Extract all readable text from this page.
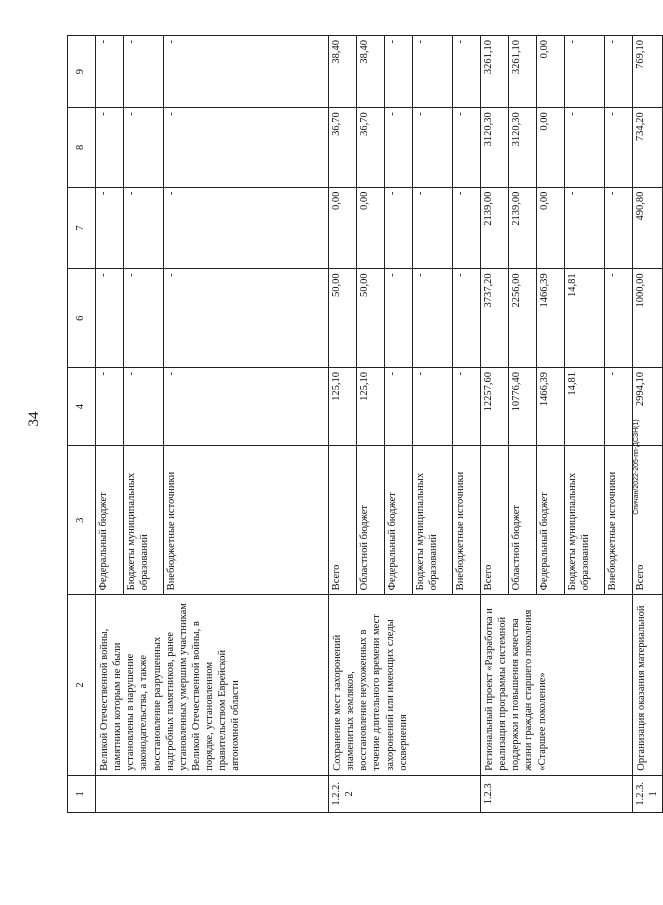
34
Спичан/2022-205-пп-ДСЗН(1)
1	2	3	4	6	7	8	9
	Великой Отечественной войны, памятники которым не были установлены в нарушение законодательства, а также восстановление разрушенных надгробных памятников, ранее установленных умершим участникам Великой Отечественной войны, в порядке, установленном правительством Еврейской автономной области	Федеральный бюджет	-	-	-	-	-
		Бюджеты муниципальных образований	-	-	-	-	-
		Внебюджетные источники	-	-	-	-	-
1.2.2.2	Сохранение мест захоронений знаменитых земляков, восстановление неухоженных в течение длительного времени мест захоронений или имеющих следы осквернения	Всего	125,10	50,00	0,00	36,70	38,40
		Областной бюджет	125,10	50,00	0,00	36,70	38,40
		Федеральный бюджет	-	-	-	-	-
		Бюджеты муниципальных образований	-	-	-	-	-
		Внебюджетные источники	-	-	-	-	-
1.2.3	Региональный проект «Разработка и реализация программы системной поддержки и повышения качества жизни граждан старшего поколения «Старшее поколение»	Всего	12257,60	3737,20	2139,00	3120,30	3261,10
		Областной бюджет	10776,40	2256,00	2139,00	3120,30	3261,10
		Федеральный бюджет	1466,39	1466,39	0,00	0,00	0,00
		Бюджеты муниципальных образований	14,81	14,81	-	-	-
		Внебюджетные источники	-	-	-	-	-
1.2.3.1	Организация оказания материальной	Всего	2994,10	1000,00	490,80	734,20	769,10
